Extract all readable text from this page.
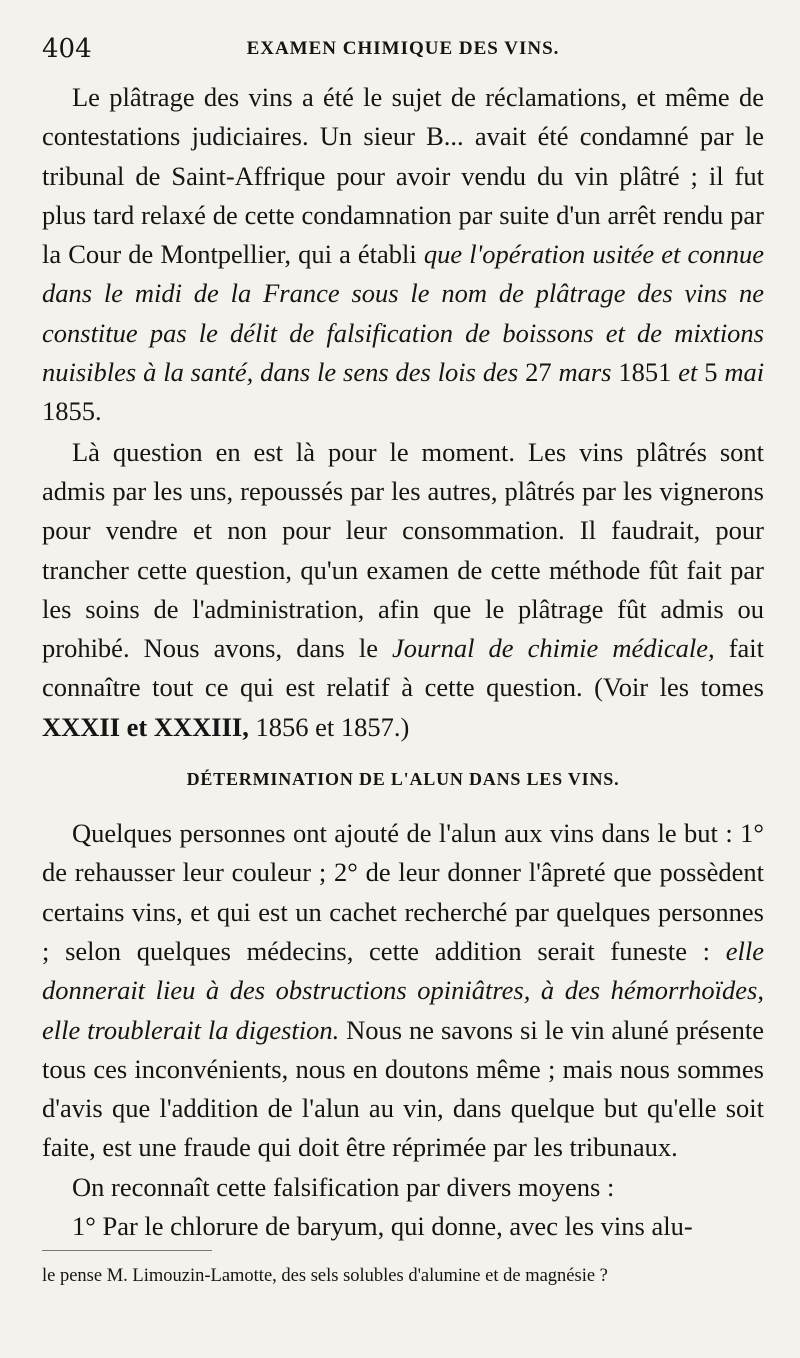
404	EXAMEN CHIMIQUE DES VINS.

Le plâtrage des vins a été le sujet de réclamations, et même de contestations judiciaires. Un sieur B... avait été condamné par le tribunal de Saint-Affrique pour avoir vendu du vin plâtré ; il fut plus tard relaxé de cette condamnation par suite d'un arrêt rendu par la Cour de Montpellier, qui a établi que l'opération usitée et connue dans le midi de la France sous le nom de plâtrage des vins ne constitue pas le délit de falsification de boissons et de mixtions nuisibles à la santé, dans le sens des lois des 27 mars 1851 et 5 mai 1855.

Là question en est là pour le moment. Les vins plâtrés sont admis par les uns, repoussés par les autres, plâtrés par les vignerons pour vendre et non pour leur consommation. Il faudrait, pour trancher cette question, qu'un examen de cette méthode fût fait par les soins de l'administration, afin que le plâtrage fût admis ou prohibé. Nous avons, dans le Journal de chimie médicale, fait connaître tout ce qui est relatif à cette question. (Voir les tomes XXXII et XXXIII, 1856 et 1857.)

DÉTERMINATION DE L'ALUN DANS LES VINS.

Quelques personnes ont ajouté de l'alun aux vins dans le but : 1° de rehausser leur couleur ; 2° de leur donner l'âpreté que possèdent certains vins, et qui est un cachet recherché par quelques personnes ; selon quelques médecins, cette addition serait funeste : elle donnerait lieu à des obstructions opiniâtres, à des hémorrhoïdes, elle troublerait la digestion. Nous ne savons si le vin aluné présente tous ces inconvénients, nous en doutons même ; mais nous sommes d'avis que l'addition de l'alun au vin, dans quelque but qu'elle soit faite, est une fraude qui doit être réprimée par les tribunaux.

On reconnaît cette falsification par divers moyens :

1° Par le chlorure de baryum, qui donne, avec les vins alu-

le pense M. Limouzin-Lamotte, des sels solubles d'alumine et de magnésie ?
